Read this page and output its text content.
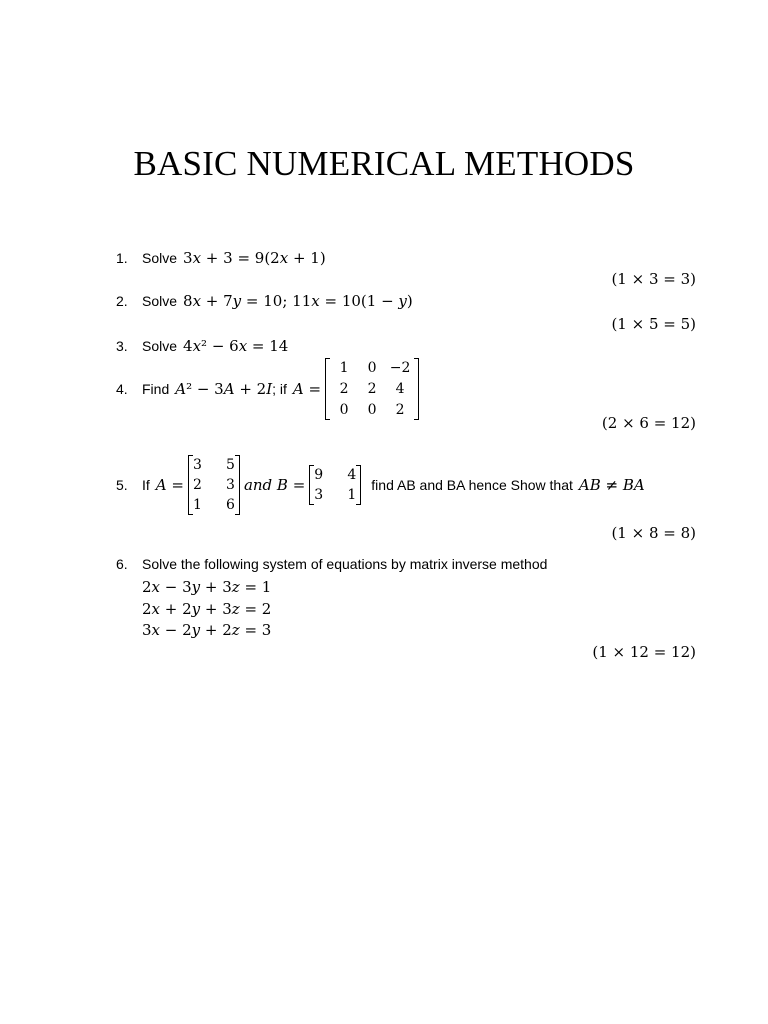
BASIC NUMERICAL METHODS
1.	Solve 3𝑥 + 3 = 9(2𝑥 + 1)
(1 × 3 = 3)
2.	Solve 8𝑥 + 7𝑦 = 10; 11𝑥 = 10(1 − 𝑦)
(1 × 5 = 5)
3.	Solve 4𝑥² − 6𝑥 = 14
4.	Find 𝐴² − 3𝐴 + 2𝐼 ; if 𝐴 =
1	0 −2
2	2	4
0	0	2
(2 × 6 = 12)
5.	If 𝐴 =
3	5
2	3
1	6
𝑎𝑛𝑑 𝐵 =
9	4
3	1
find AB and BA hence Show that 𝐴𝐵 ≠ 𝐵𝐴
(1 × 8 = 8)
6.	Solve the following system of equations by matrix inverse method
2𝑥 − 3𝑦 + 3𝑧 = 1
2𝑥 + 2𝑦 + 3𝑧 = 2
3𝑥 − 2𝑦 + 2𝑧 = 3
(1 × 12 = 12)
